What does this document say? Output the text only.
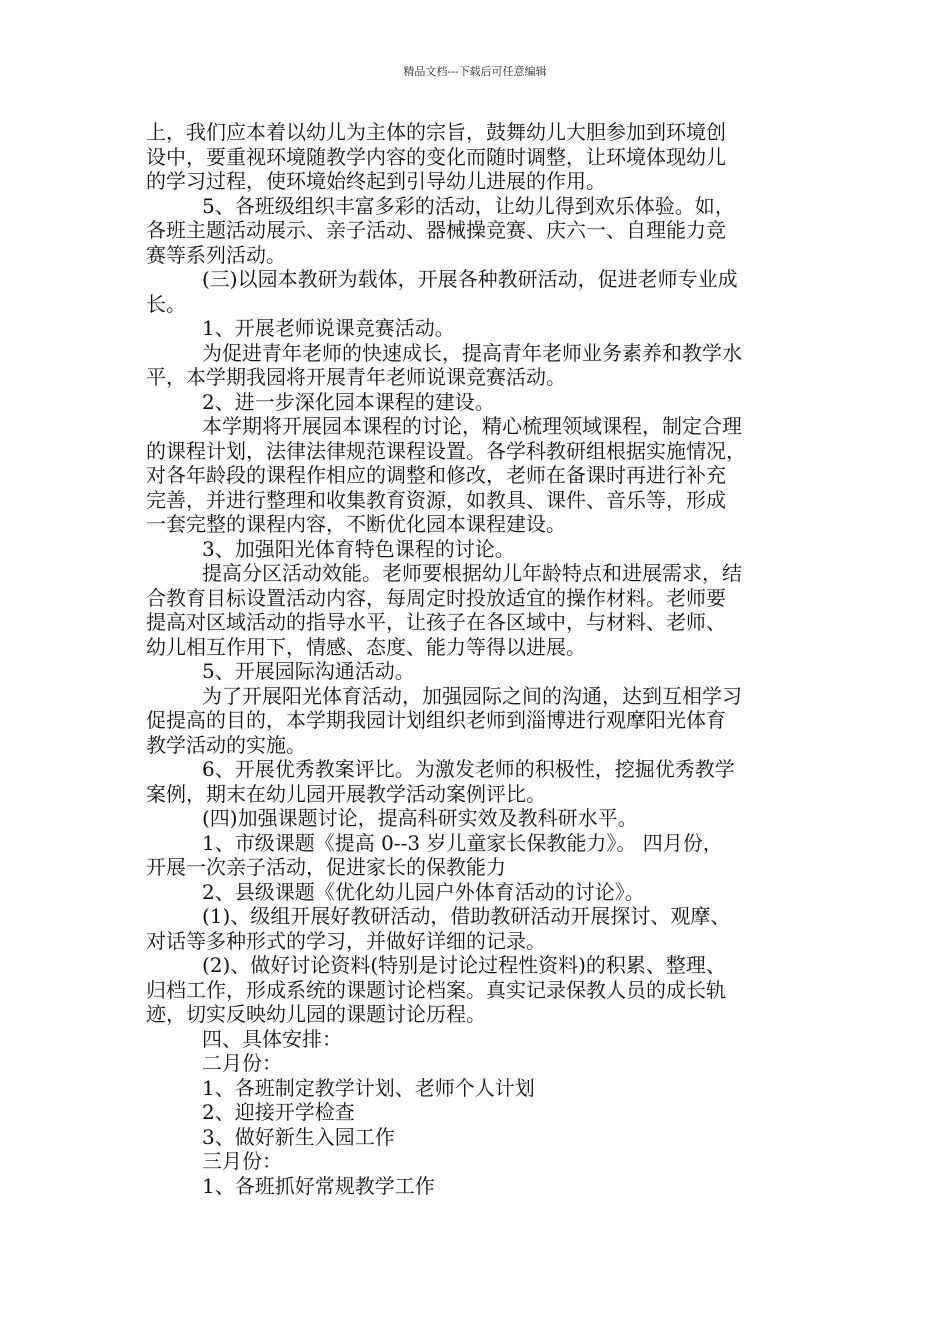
精品文档---下载后可任意编辑
上，我们应本着以幼儿为主体的宗旨，鼓舞幼儿大胆参加到环境创
设中，要重视环境随教学内容的变化而随时调整，让环境体现幼儿
的学习过程，使环境始终起到引导幼儿进展的作用。
5、各班级组织丰富多彩的活动，让幼儿得到欢乐体验。如，
各班主题活动展示、亲子活动、器械操竞赛、庆六一、自理能力竞
赛等系列活动。
(三)以园本教研为载体，开展各种教研活动，促进老师专业成
长。
1、开展老师说课竞赛活动。
为促进青年老师的快速成长，提高青年老师业务素养和教学水
平，本学期我园将开展青年老师说课竞赛活动。
2、进一步深化园本课程的建设。
本学期将开展园本课程的讨论，精心梳理领域课程，制定合理
的课程计划，法律法律规范课程设置。各学科教研组根据实施情况，
对各年龄段的课程作相应的调整和修改，老师在备课时再进行补充
完善，并进行整理和收集教育资源，如教具、课件、音乐等，形成
一套完整的课程内容，不断优化园本课程建设。
3、加强阳光体育特色课程的讨论。
提高分区活动效能。老师要根据幼儿年龄特点和进展需求，结
合教育目标设置活动内容，每周定时投放适宜的操作材料。老师要
提高对区域活动的指导水平，让孩子在各区域中，与材料、老师、
幼儿相互作用下，情感、态度、能力等得以进展。
5、开展园际沟通活动。
为了开展阳光体育活动，加强园际之间的沟通，达到互相学习
促提高的目的，本学期我园计划组织老师到淄博进行观摩阳光体育
教学活动的实施。
6、开展优秀教案评比。为激发老师的积极性，挖掘优秀教学
案例，期末在幼儿园开展教学活动案例评比。
(四)加强课题讨论，提高科研实效及教科研水平。
1、市级课题《提高 0--3 岁儿童家长保教能力》。 四月份，
开展一次亲子活动，促进家长的保教能力
2、县级课题《优化幼儿园户外体育活动的讨论》。
(1)、级组开展好教研活动，借助教研活动开展探讨、观摩、
对话等多种形式的学习，并做好详细的记录。
(2)、做好讨论资料(特别是讨论过程性资料)的积累、整理、
归档工作，形成系统的课题讨论档案。真实记录保教人员的成长轨
迹，切实反映幼儿园的课题讨论历程。
四、具体安排：
二月份：
1、各班制定教学计划、老师个人计划
2、迎接开学检查
3、做好新生入园工作
三月份：
1、各班抓好常规教学工作
